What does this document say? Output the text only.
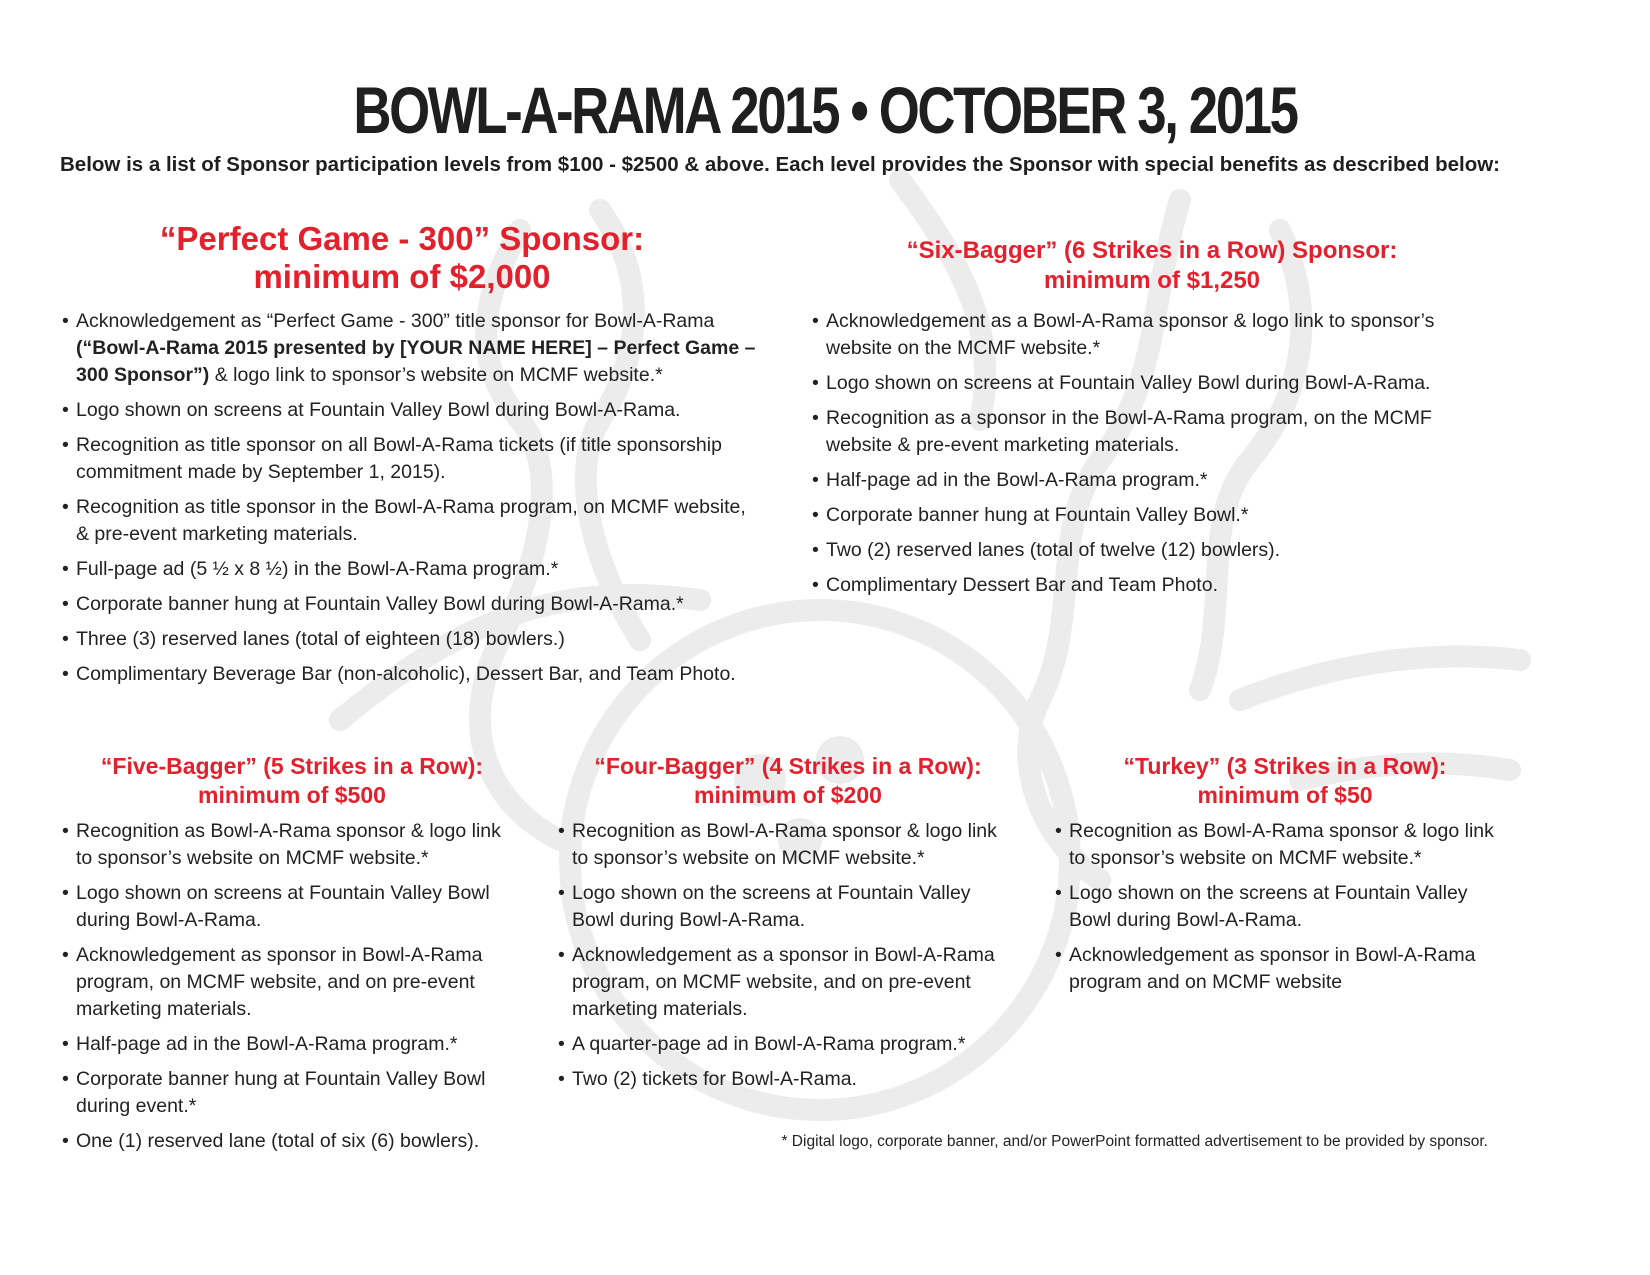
BOWL-A-RAMA 2015 • OCTOBER 3, 2015
Below is a list of Sponsor participation levels from $100 - $2500 & above. Each level provides the Sponsor with special benefits as described below:
“Perfect Game - 300” Sponsor:
minimum of $2,000
• Acknowledgement as “Perfect Game - 300” title sponsor for Bowl-A-Rama (“Bowl-A-Rama 2015 presented by [YOUR NAME HERE] – Perfect Game – 300 Sponsor”) & logo link to sponsor’s website on MCMF website.*
• Logo shown on screens at Fountain Valley Bowl during Bowl-A-Rama.
• Recognition as title sponsor on all Bowl-A-Rama tickets (if title sponsorship commitment made by September 1, 2015).
• Recognition as title sponsor in the Bowl-A-Rama program, on MCMF website, & pre-event marketing materials.
• Full-page ad (5 ½ x 8 ½) in the Bowl-A-Rama program.*
• Corporate banner hung at Fountain Valley Bowl during Bowl-A-Rama.*
• Three (3) reserved lanes (total of eighteen (18) bowlers.)
• Complimentary Beverage Bar (non-alcoholic), Dessert Bar, and Team Photo.
“Six-Bagger” (6 Strikes in a Row) Sponsor:
minimum of $1,250
• Acknowledgement as a Bowl-A-Rama sponsor & logo link to sponsor’s website on the MCMF website.*
• Logo shown on screens at Fountain Valley Bowl during Bowl-A-Rama.
• Recognition as a sponsor in the Bowl-A-Rama program, on the MCMF website & pre-event marketing materials.
• Half-page ad in the Bowl-A-Rama program.*
• Corporate banner hung at Fountain Valley Bowl.*
• Two (2) reserved lanes (total of twelve (12) bowlers).
• Complimentary Dessert Bar and Team Photo.
“Five-Bagger” (5 Strikes in a Row):
minimum of $500
• Recognition as Bowl-A-Rama sponsor & logo link to sponsor’s website on MCMF website.*
• Logo shown on screens at Fountain Valley Bowl during Bowl-A-Rama.
• Acknowledgement as sponsor in Bowl-A-Rama program, on MCMF website, and on pre-event marketing materials.
• Half-page ad in the Bowl-A-Rama program.*
• Corporate banner hung at Fountain Valley Bowl during event.*
• One (1) reserved lane (total of six (6) bowlers).
“Four-Bagger” (4 Strikes in a Row):
minimum of $200
• Recognition as Bowl-A-Rama sponsor & logo link to sponsor’s website on MCMF website.*
• Logo shown on the screens at Fountain Valley Bowl during Bowl-A-Rama.
• Acknowledgement as a sponsor in Bowl-A-Rama program, on MCMF website, and on pre-event marketing materials.
• A quarter-page ad in Bowl-A-Rama program.*
• Two (2) tickets for Bowl-A-Rama.
“Turkey” (3 Strikes in a Row):
minimum of $50
• Recognition as Bowl-A-Rama sponsor & logo link to sponsor’s website on MCMF website.*
• Logo shown on the screens at Fountain Valley Bowl during Bowl-A-Rama.
• Acknowledgement as sponsor in Bowl-A-Rama program and on MCMF website
* Digital logo, corporate banner, and/or PowerPoint formatted advertisement to be provided by sponsor.
